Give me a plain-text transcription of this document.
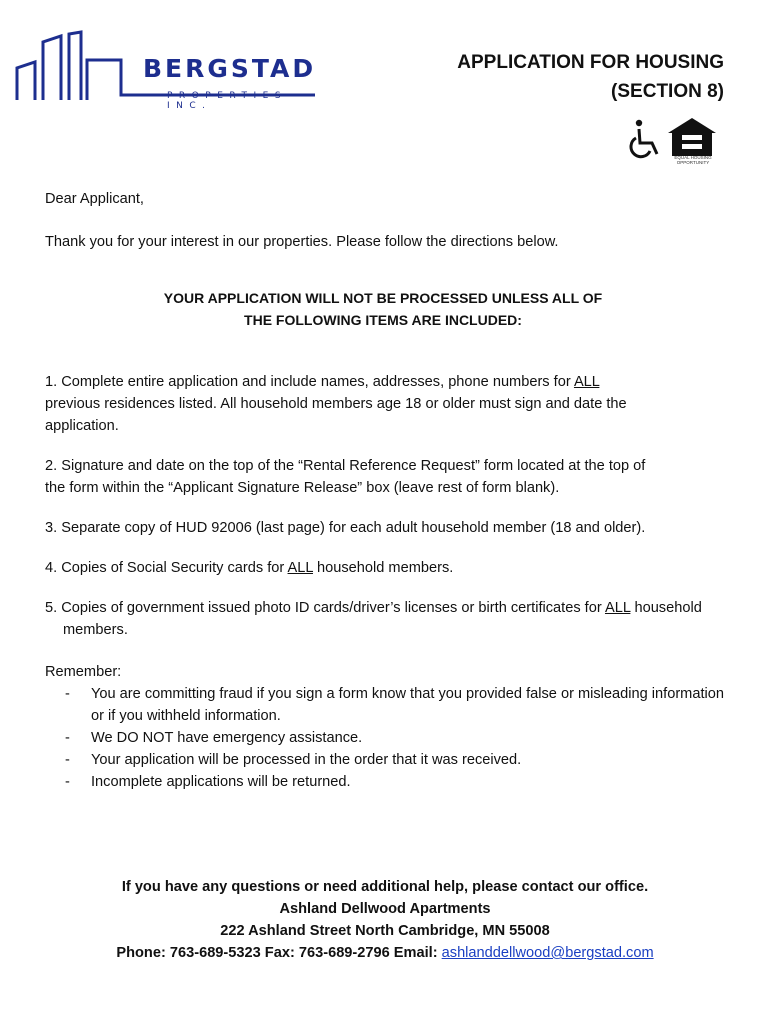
BERGSTAD
PROPERTIES INC.
APPLICATION FOR HOUSING
(SECTION 8)
EQUAL HOUSING OPPORTUNITY

Dear Applicant,

Thank you for your interest in our properties. Please follow the directions below.

YOUR APPLICATION WILL NOT BE PROCESSED UNLESS ALL OF
THE FOLLOWING ITEMS ARE INCLUDED:

1. Complete entire application and include names, addresses, phone numbers for ALL previous residences listed. All household members age 18 or older must sign and date the application.

2. Signature and date on the top of the “Rental Reference Request” form located at the top of the form within the “Applicant Signature Release” box (leave rest of form blank).

3. Separate copy of HUD 92006 (last page) for each adult household member (18 and older).

4. Copies of Social Security cards for ALL household members.

5. Copies of government issued photo ID cards/driver’s licenses or birth certificates for ALL household members.

Remember:

- You are committing fraud if you sign a form know that you provided false or misleading information or if you withheld information.
- We DO NOT have emergency assistance.
- Your application will be processed in the order that it was received.
- Incomplete applications will be returned.
If you have any questions or need additional help, please contact our office.
Ashland Dellwood Apartments
222 Ashland Street North Cambridge, MN 55008
Phone: 763-689-5323 Fax: 763-689-2796 Email: ashlanddellwood@bergstad.com
